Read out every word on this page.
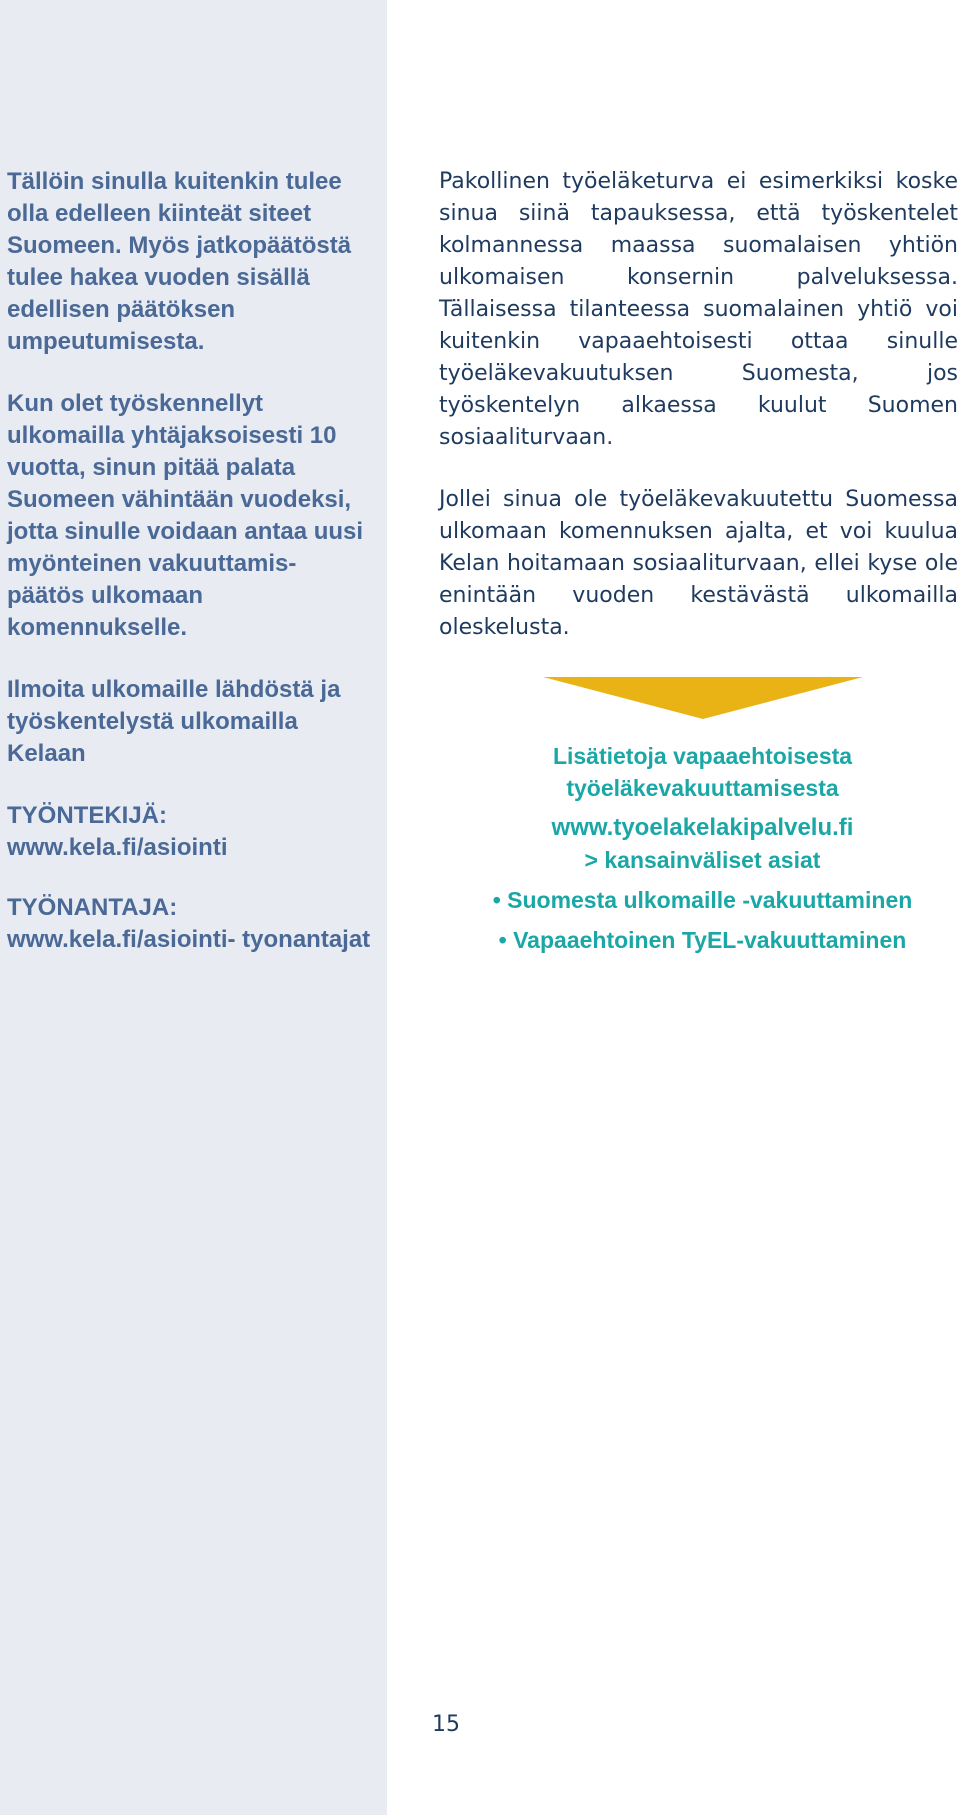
Tällöin sinulla kuitenkin tulee olla edelleen kiinteät siteet Suomeen. Myös jatkopäätöstä tulee hakea vuoden sisällä edellisen päätöksen umpeutumisesta.

Kun olet työskennellyt ulkomailla yhtäjaksoisesti 10 vuotta, sinun pitää palata Suomeen vähintään vuodeksi, jotta sinulle voidaan antaa uusi myönteinen vakuuttamis- päätös ulkomaan komennukselle.

Ilmoita ulkomaille lähdöstä ja työskentelystä ulkomailla Kelaan

TYÖNTEKIJÄ:
www.kela.fi/asiointi

TYÖNANTAJA:
www.kela.fi/asiointi- tyonantajat

Pakollinen työeläketurva ei esimerkiksi koske sinua siinä tapauksessa, että työskentelet kolmannessa maassa suomalaisen yhtiön ulkomaisen konsernin palveluksessa. Tällaisessa tilanteessa suomalainen yhtiö voi kuitenkin vapaaehtoisesti ottaa sinulle työeläkevakuutuksen Suomesta, jos työskentelyn alkaessa kuulut Suomen sosiaaliturvaan.

Jollei sinua ole työeläkevakuutettu Suomessa ulkomaan komennuksen ajalta, et voi kuulua Kelan hoitamaan sosiaaliturvaan, ellei kyse ole enintään vuoden kestävästä ulkomailla oleskelusta.

Lisätietoja vapaaehtoisesta työeläkevakuuttamisesta
www.tyoelakelakipalvelu.fi
> kansainväliset asiat
• Suomesta ulkomaille -vakuuttaminen
• Vapaaehtoinen TyEL-vakuuttaminen
15
